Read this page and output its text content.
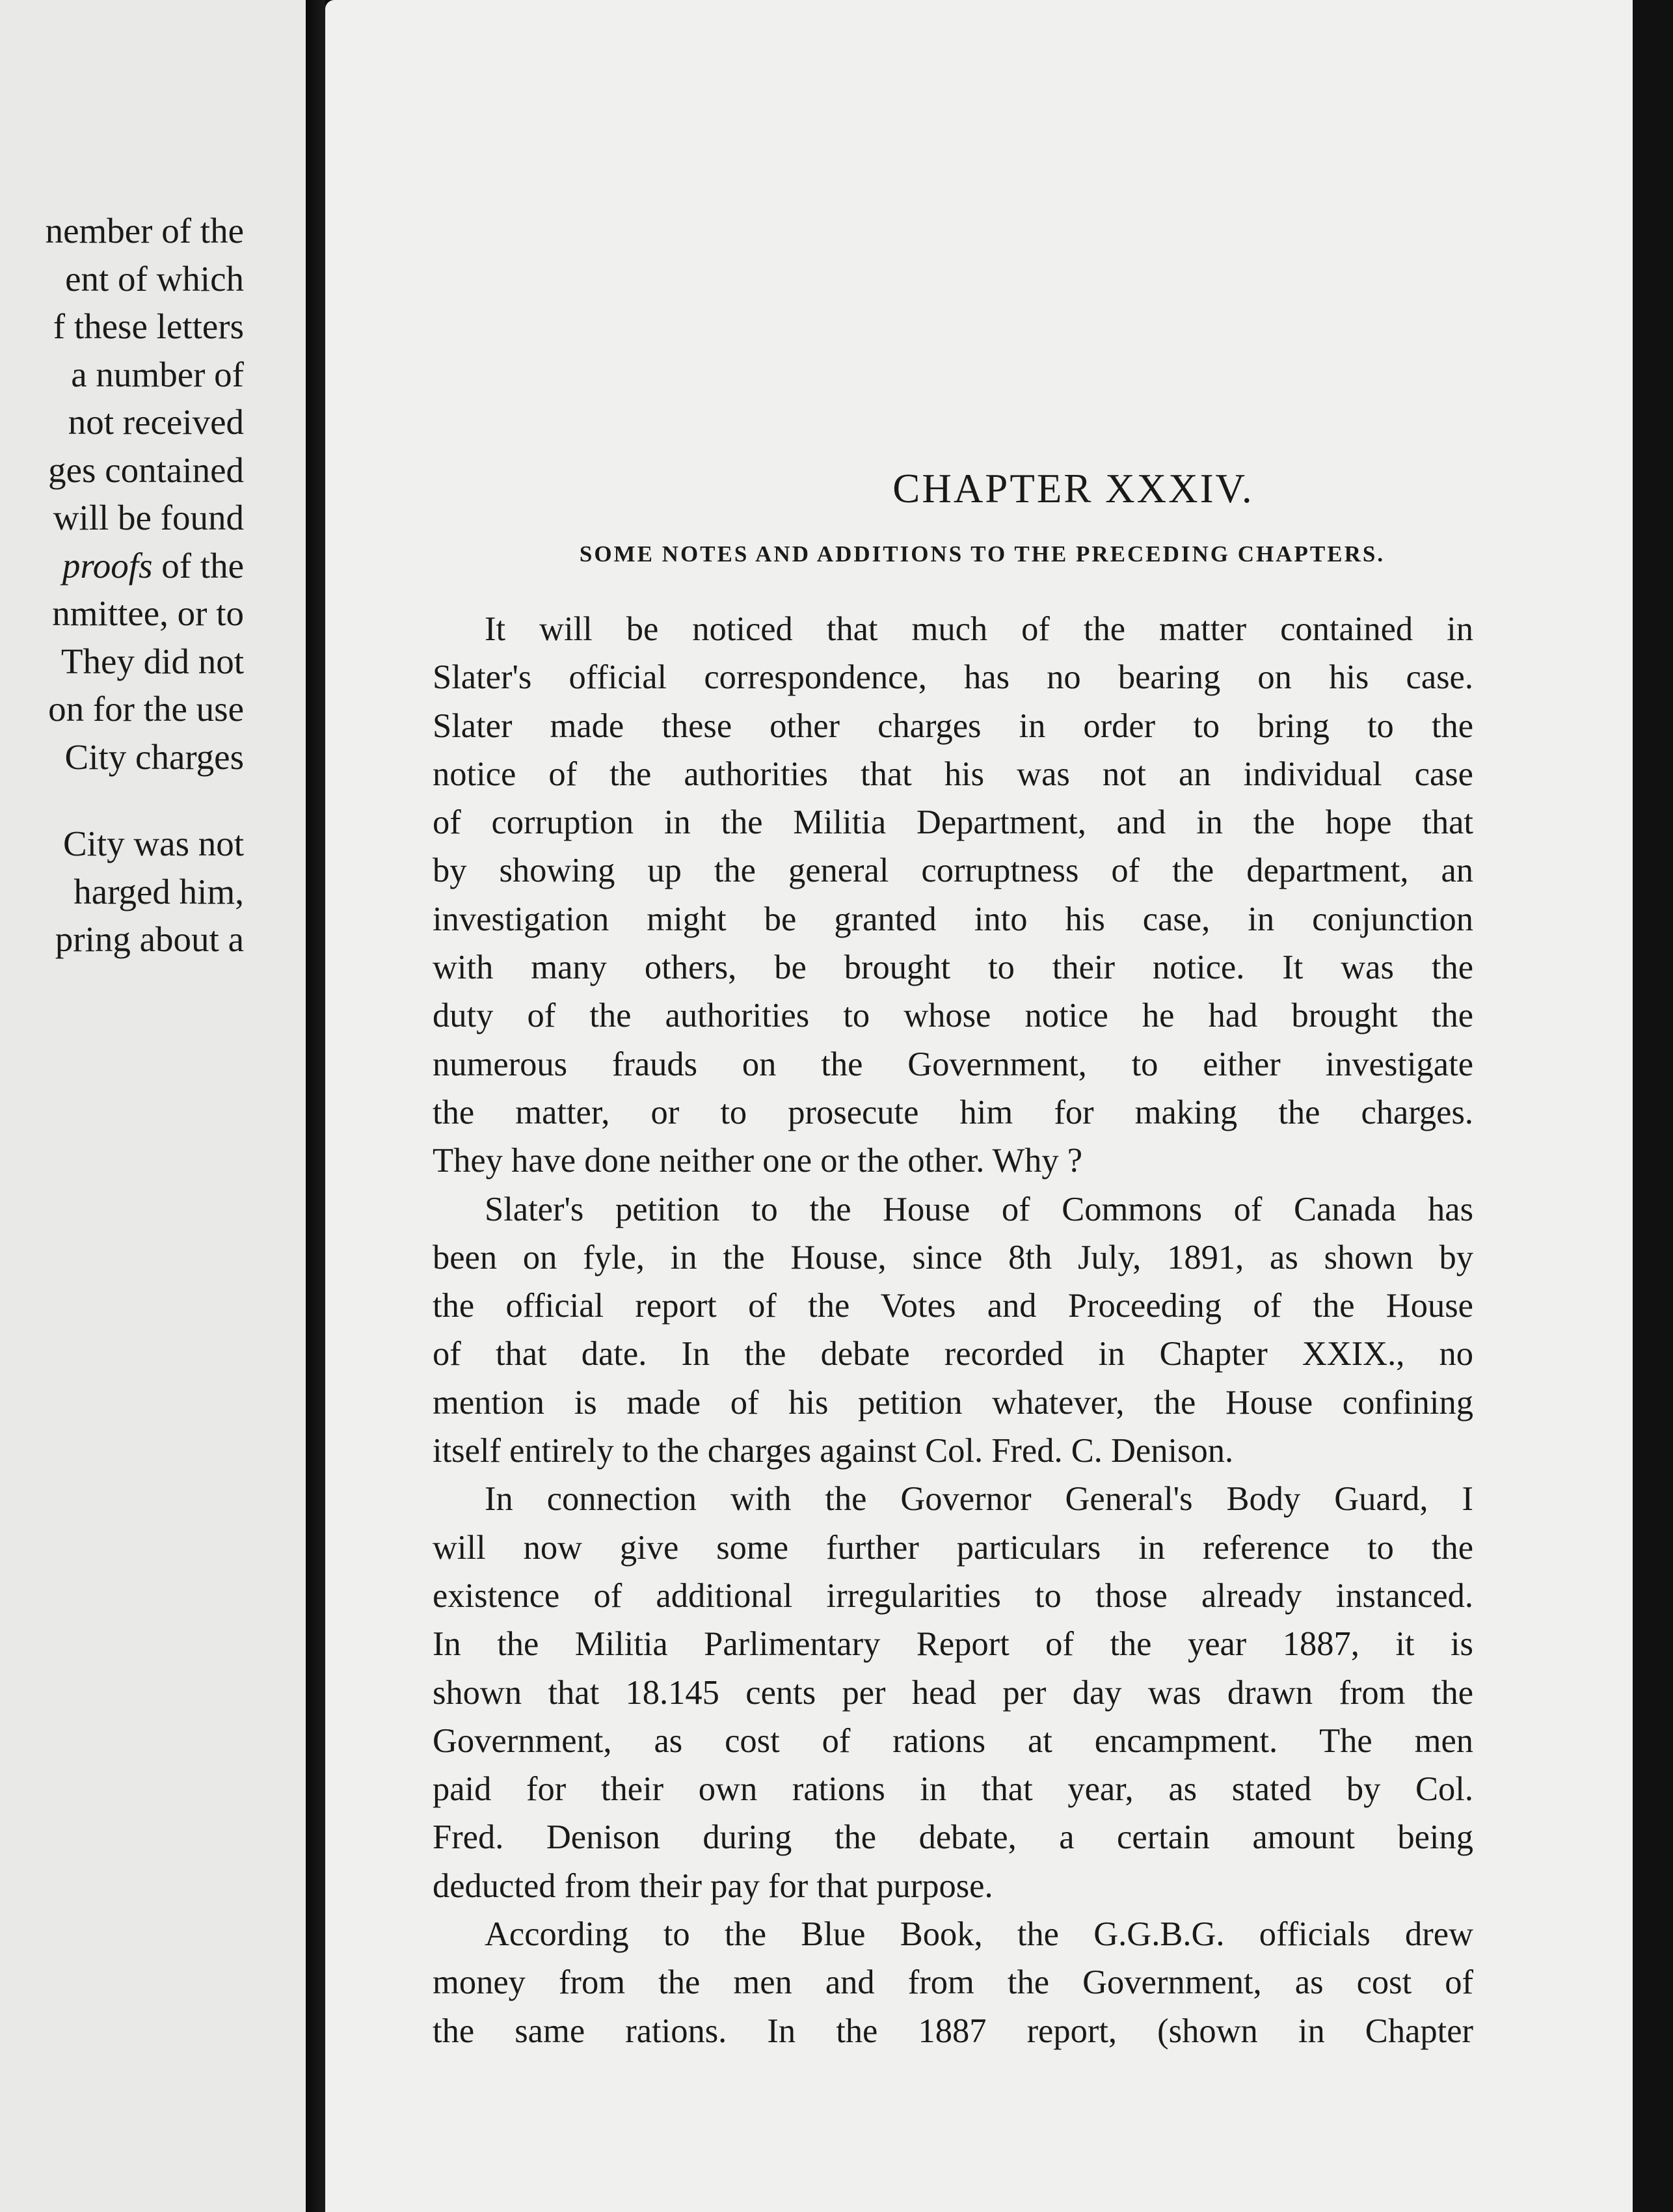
nember of the
ent of which
f these letters
a number of
not received
ges contained
will be found
proofs of the
nmittee, or to
They did not
on for the use
City charges
City was not
harged him,
pring about a
CHAPTER XXXIV.
SOME NOTES AND ADDITIONS TO THE PRECEDING CHAPTERS.
It will be noticed that much of the matter contained in
Slater's official correspondence, has no bearing on his case.
Slater made these other charges in order to bring to the
notice of the authorities that his was not an individual case
of corruption in the Militia Department, and in the hope that
by showing up the general corruptness of the department, an
investigation might be granted into his case, in conjunction
with many others, be brought to their notice. It was the
duty of the authorities to whose notice he had brought the
numerous frauds on the Government, to either investigate
the matter, or to prosecute him for making the charges.
They have done neither one or the other. Why ?
Slater's petition to the House of Commons of Canada has
been on fyle, in the House, since 8th July, 1891, as shown by
the official report of the Votes and Proceeding of the House
of that date. In the debate recorded in Chapter XXIX., no
mention is made of his petition whatever, the House confining
itself entirely to the charges against Col. Fred. C. Denison.
In connection with the Governor General's Body Guard, I
will now give some further particulars in reference to the
existence of additional irregularities to those already instanced.
In the Militia Parlimentary Report of the year 1887, it is
shown that 18.145 cents per head per day was drawn from the
Government, as cost of rations at encampment. The men
paid for their own rations in that year, as stated by Col.
Fred. Denison during the debate, a certain amount being
deducted from their pay for that purpose.
According to the Blue Book, the G.G.B.G. officials drew
money from the men and from the Government, as cost of
the same rations. In the 1887 report, (shown in Chapter
